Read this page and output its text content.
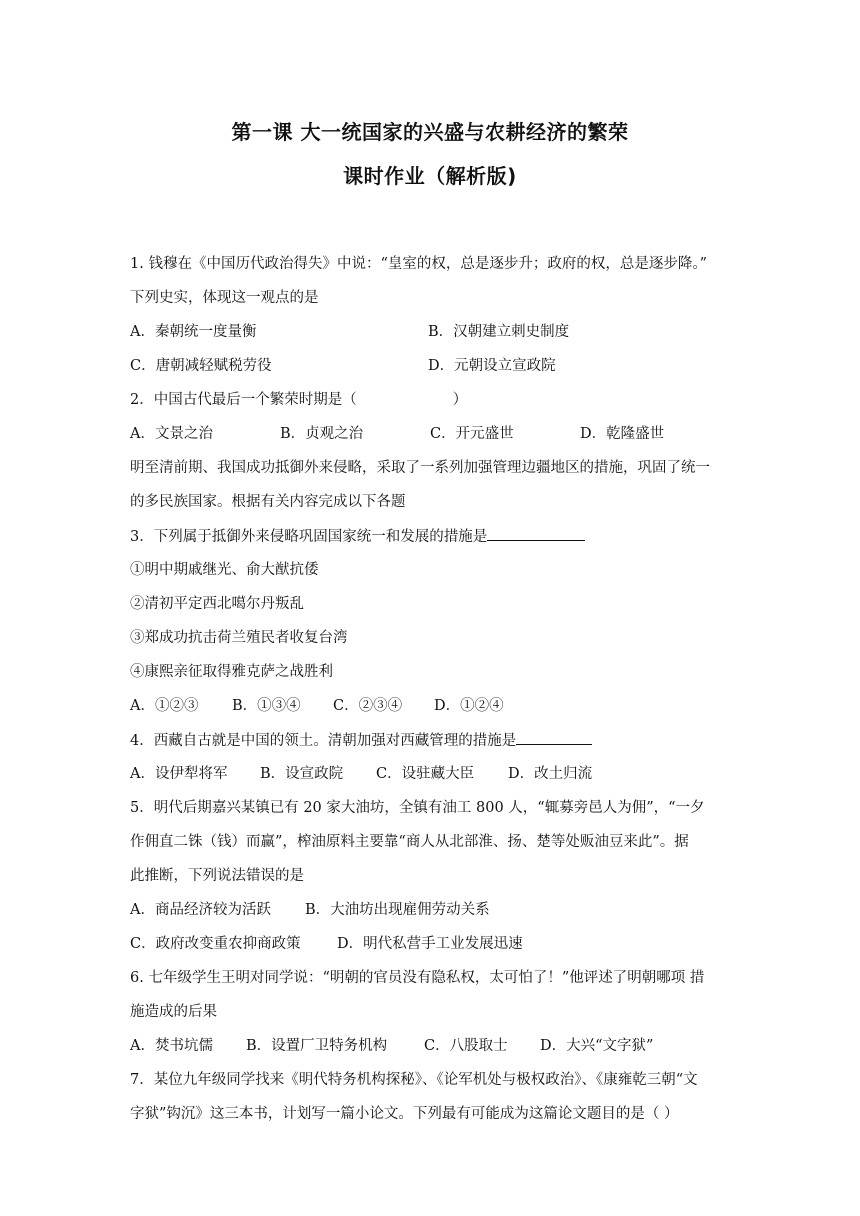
第一课 大一统国家的兴盛与农耕经济的繁荣
课时作业（解析版)
1. 钱穆在《中国历代政治得失》中说：“皇室的权，总是逐步升；政府的权，总是逐步降。”
下列史实，体现这一观点的是
A．秦朝统一度量衡	B．汉朝建立刺史制度
C．唐朝减轻赋税劳役	D．元朝设立宣政院
2．中国古代最后一个繁荣时期是（	）
A．文景之治	B．贞观之治	C．开元盛世	D．乾隆盛世
明至清前期、我国成功抵御外来侵略，采取了一系列加强管理边疆地区的措施，巩固了统一
的多民族国家。根据有关内容完成以下各题
3．下列属于抵御外来侵略巩固国家统一和发展的措施是
①明中期戚继光、俞大猷抗倭
②清初平定西北噶尔丹叛乱
③郑成功抗击荷兰殖民者收复台湾
④康熙亲征取得雅克萨之战胜利
A．①②③ B．①③④ C．②③④ D．①②④
4．西藏自古就是中国的领土。清朝加强对西藏管理的措施是
A．设伊犁将军 B．设宣政院 C．设驻藏大臣 D．改土归流
5．明代后期嘉兴某镇已有 20 家大油坊，全镇有油工 800 人，“辄募旁邑人为佣”，“一夕
作佣直二铢（钱）而赢”，榨油原料主要靠“商人从北部淮、扬、楚等处贩油豆来此”。据
此推断，下列说法错误的是
A．商品经济较为活跃 B．大油坊出现雇佣劳动关系
C．政府改变重农抑商政策	D．明代私营手工业发展迅速
6. 七年级学生王明对同学说：“明朝的官员没有隐私权，太可怕了！”他评述了明朝哪项 措
施造成的后果
A．焚书坑儒 B．设置厂卫特务机构	C．八股取士 D．大兴“文字狱”
7．某位九年级同学找来《明代特务机构探秘》、《论军机处与极权政治》、《康雍乾三朝“文
字狱”钩沉》这三本书，计划写一篇小论文。下列最有可能成为这篇论文题目的是（ ）
